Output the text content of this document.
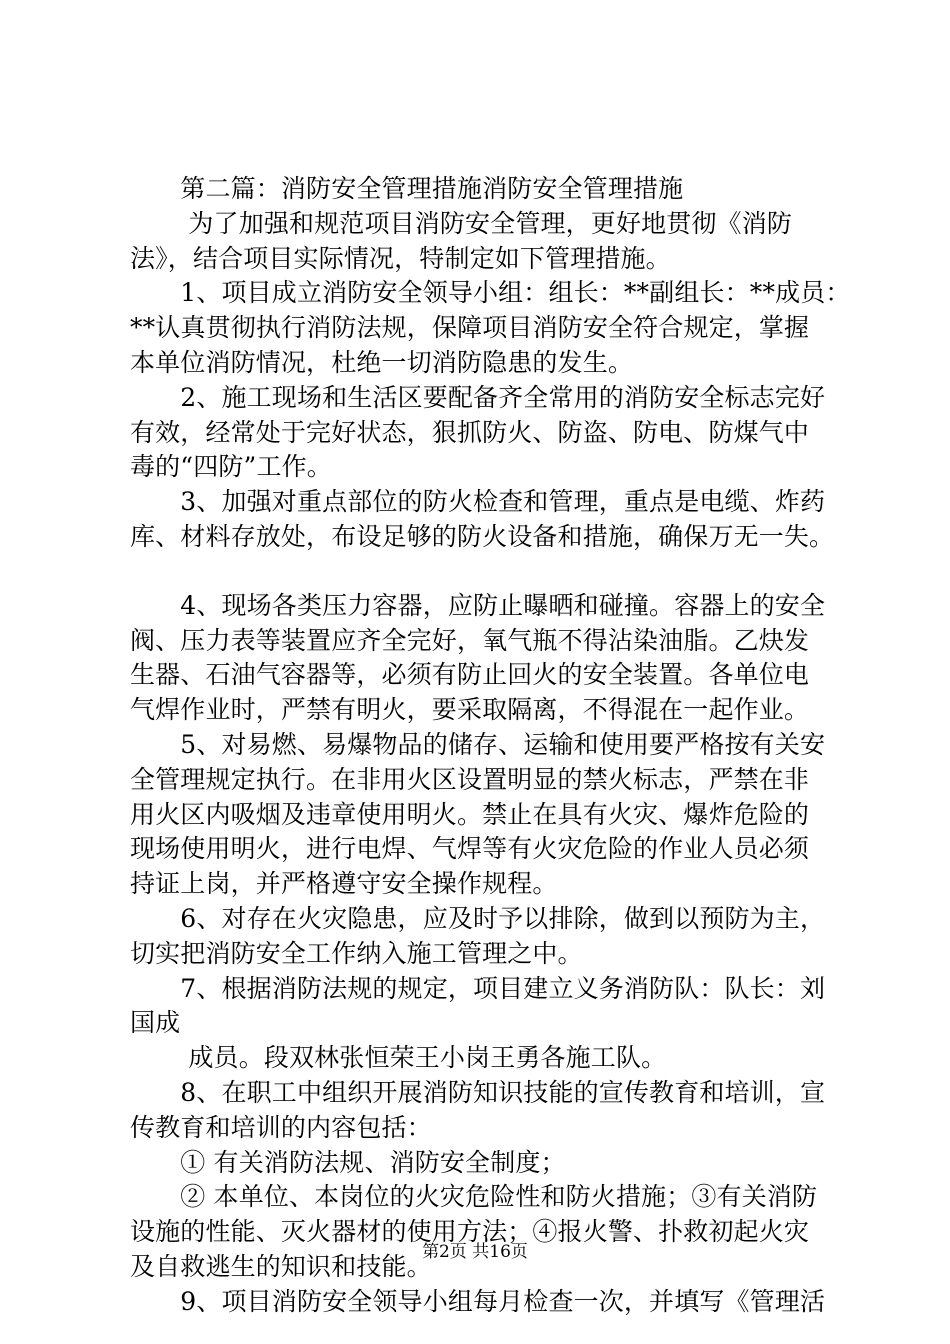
　　第二篇：消防安全管理措施消防安全管理措施
　　 为了加强和规范项目消防安全管理，更好地贯彻《消防
法》，结合项目实际情况，特制定如下管理措施。
　　1、项目成立消防安全领导小组：组长：**副组长：**成员：
**认真贯彻执行消防法规，保障项目消防安全符合规定，掌握
本单位消防情况，杜绝一切消防隐患的发生。
　　2、施工现场和生活区要配备齐全常用的消防安全标志完好
有效，经常处于完好状态，狠抓防火、防盗、防电、防煤气中
毒的“四防”工作。
　　3、加强对重点部位的防火检查和管理，重点是电缆、炸药
库、材料存放处，布设足够的防火设备和措施，确保万无一失。
　　4、现场各类压力容器，应防止曝晒和碰撞。容器上的安全
阀、压力表等装置应齐全完好，氧气瓶不得沾染油脂。乙炔发
生器、石油气容器等，必须有防止回火的安全装置。各单位电
气焊作业时，严禁有明火，要采取隔离，不得混在一起作业。
　　5、对易燃、易爆物品的储存、运输和使用要严格按有关安
全管理规定执行。在非用火区设置明显的禁火标志，严禁在非
用火区内吸烟及违章使用明火。禁止在具有火灾、爆炸危险的
现场使用明火，进行电焊、气焊等有火灾危险的作业人员必须
持证上岗，并严格遵守安全操作规程。
　　6、对存在火灾隐患，应及时予以排除，做到以预防为主，
切实把消防安全工作纳入施工管理之中。
　　7、根据消防法规的规定，项目建立义务消防队：队长：刘
国成
　　 成员。段双林张恒荣王小岗王勇各施工队。
　　8、在职工中组织开展消防知识技能的宣传教育和培训，宣
传教育和培训的内容包括：
　　① 有关消防法规、消防安全制度；
　　② 本单位、本岗位的火灾危险性和防火措施；③有关消防
设施的性能、灭火器材的使用方法；④报火警、扑救初起火灾
及自救逃生的知识和技能。
　　9、项目消防安全领导小组每月检查一次，并填写《管理活
第2页 共16页
